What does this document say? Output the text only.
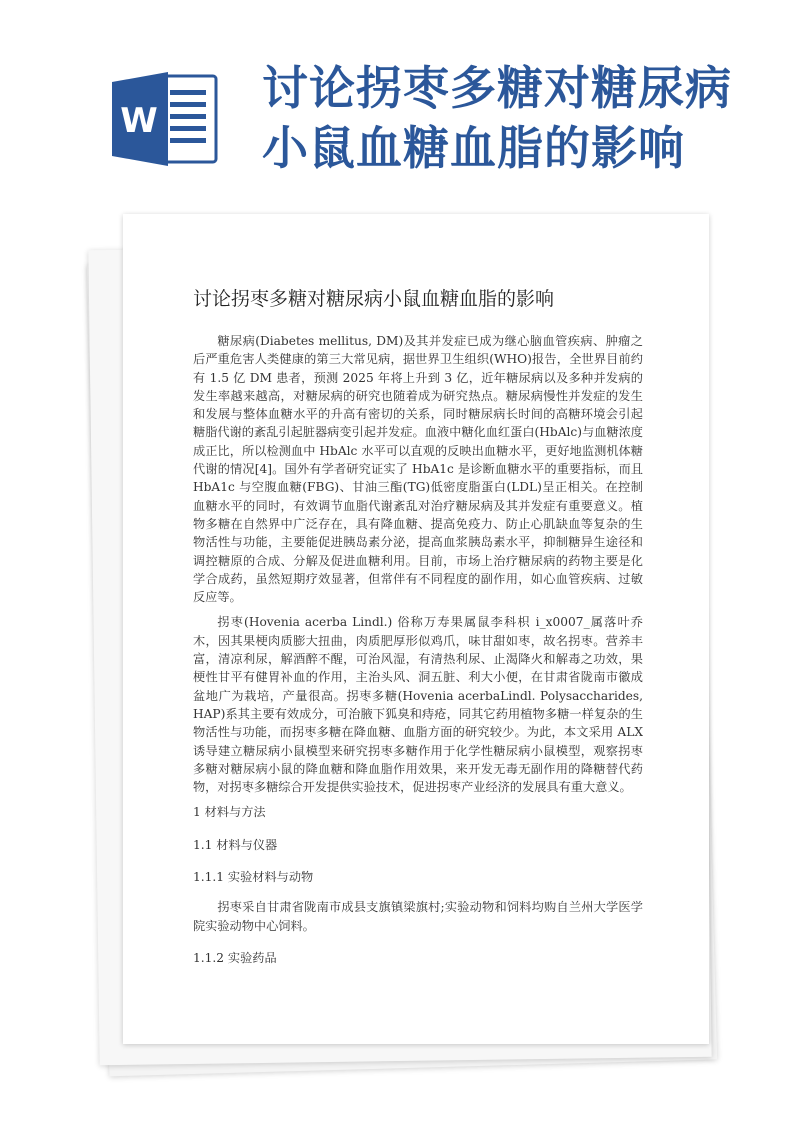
W
讨论拐枣多糖对糖尿病
小鼠血糖血脂的影响
讨论拐枣多糖对糖尿病小鼠血糖血脂的影响

糖尿病(Diabetes mellitus, DM)及其并发症已成为继心脑血管疾病、肿瘤之后严重危害人类健康的第三大常见病，据世界卫生组织(WHO)报告，全世界目前约有 1.5 亿 DM 患者，预测 2025 年将上升到 3 亿，近年糖尿病以及多种并发病的发生率越来越高，对糖尿病的研究也随着成为研究热点。糖尿病慢性并发症的发生和发展与整体血糖水平的升高有密切的关系，同时糖尿病长时间的高糖环境会引起糖脂代谢的紊乱引起脏器病变引起并发症。血液中糖化血红蛋白(HbAlc)与血糖浓度成正比，所以检测血中 HbAlc 水平可以直观的反映出血糖水平，更好地监测机体糖代谢的情况[4]。国外有学者研究证实了 HbA1c 是诊断血糖水平的重要指标，而且 HbA1c 与空腹血糖(FBG)、甘油三酯(TG)低密度脂蛋白(LDL)呈正相关。在控制血糖水平的同时，有效调节血脂代谢紊乱对治疗糖尿病及其并发症有重要意义。植物多糖在自然界中广泛存在，具有降血糖、提高免疫力、防止心肌缺血等复杂的生物活性与功能，主要能促进胰岛素分泌，提高血浆胰岛素水平，抑制糖异生途径和调控糖原的合成、分解及促进血糖利用。目前，市场上治疗糖尿病的药物主要是化学合成药，虽然短期疗效显著，但常伴有不同程度的副作用，如心血管疾病、过敏反应等。

拐枣(Hovenia acerba Lindl.) 俗称万寿果属鼠李科枳 i_x0007_属落叶乔木，因其果梗肉质膨大扭曲，肉质肥厚形似鸡爪，味甘甜如枣，故名拐枣。营养丰富，清凉利尿，解酒醉不醒，可治风湿，有清热利尿、止渴降火和解毒之功效，果梗性甘平有健胃补血的作用，主治头风、洞五脏、利大小便，在甘肃省陇南市徽成盆地广为栽培，产量很高。拐枣多糖(Hovenia acerbaLindl. Polysaccharides, HAP)系其主要有效成分，可治腋下狐臭和痔疮，同其它药用植物多糖一样复杂的生物活性与功能，而拐枣多糖在降血糖、血脂方面的研究较少。为此，本文采用 ALX 诱导建立糖尿病小鼠模型来研究拐枣多糖作用于化学性糖尿病小鼠模型，观察拐枣多糖对糖尿病小鼠的降血糖和降血脂作用效果，来开发无毒无副作用的降糖替代药物，对拐枣多糖综合开发提供实验技术，促进拐枣产业经济的发展具有重大意义。

1 材料与方法

1.1 材料与仪器

1.1.1 实验材料与动物

拐枣采自甘肃省陇南市成县支旗镇梁旗村;实验动物和饲料均购自兰州大学医学院实验动物中心饲料。

1.1.2 实验药品
